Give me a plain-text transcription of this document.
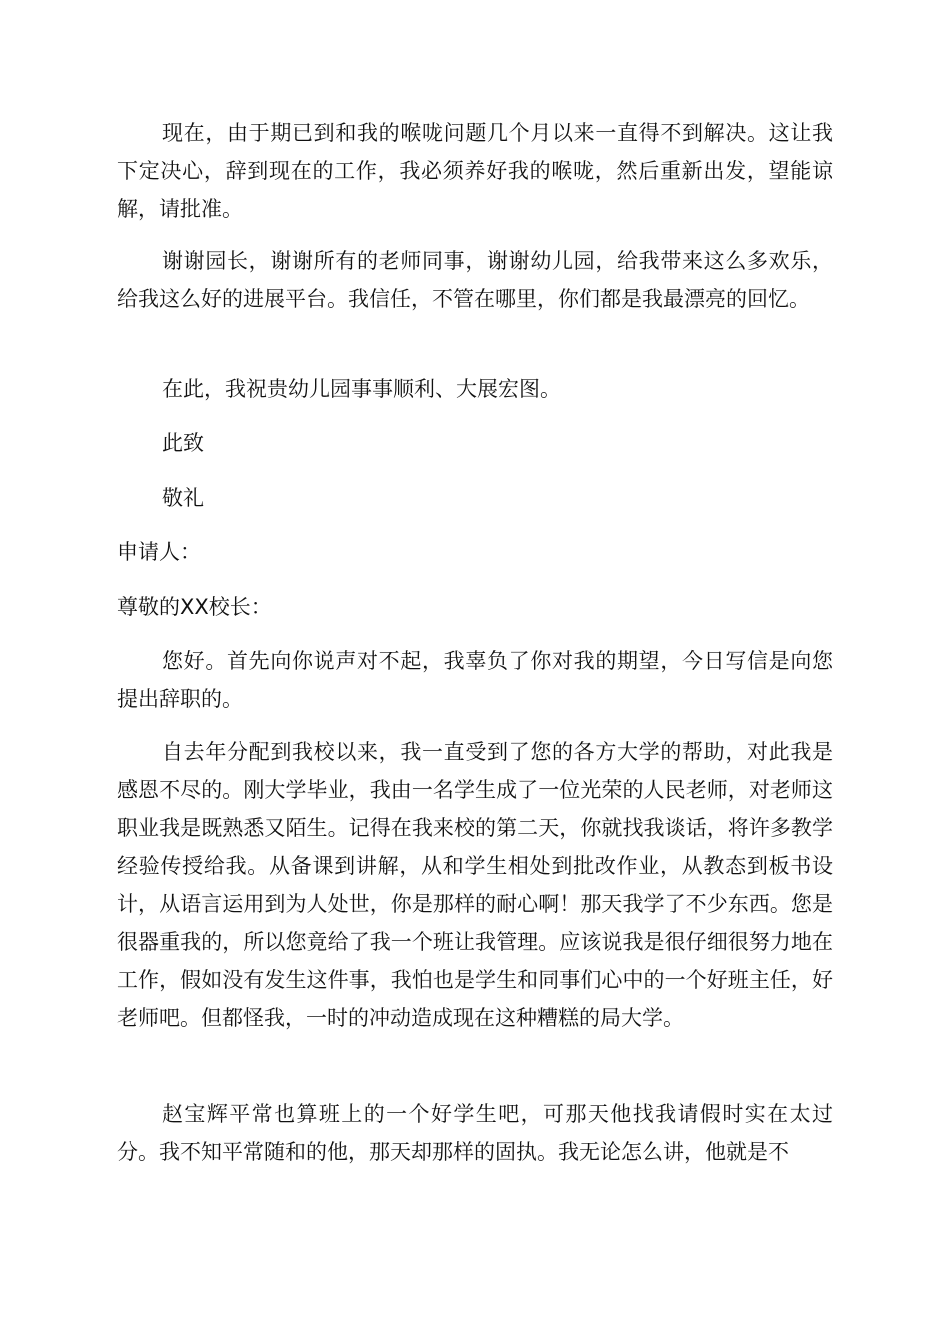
现在，由于期已到和我的喉咙问题几个月以来一直得不到解决。这让我下定决心，辞到现在的工作，我必须养好我的喉咙，然后重新出发，望能谅解，请批准。

谢谢园长，谢谢所有的老师同事，谢谢幼儿园，给我带来这么多欢乐，给我这么好的进展平台。我信任，不管在哪里，你们都是我最漂亮的回忆。

在此，我祝贵幼儿园事事顺利、大展宏图。

此致

敬礼

申请人：

尊敬的XX校长：

您好。首先向你说声对不起，我辜负了你对我的期望，今日写信是向您提出辞职的。

自去年分配到我校以来，我一直受到了您的各方大学的帮助，对此我是感恩不尽的。刚大学毕业，我由一名学生成了一位光荣的人民老师，对老师这职业我是既熟悉又陌生。记得在我来校的第二天，你就找我谈话，将许多教学经验传授给我。从备课到讲解，从和学生相处到批改作业，从教态到板书设计，从语言运用到为人处世，你是那样的耐心啊！那天我学了不少东西。您是很器重我的，所以您竟给了我一个班让我管理。应该说我是很仔细很努力地在工作，假如没有发生这件事，我怕也是学生和同事们心中的一个好班主任，好老师吧。但都怪我，一时的冲动造成现在这种糟糕的局大学。

赵宝辉平常也算班上的一个好学生吧，可那天他找我请假时实在太过分。我不知平常随和的他，那天却那样的固执。我无论怎么讲，他就是不
